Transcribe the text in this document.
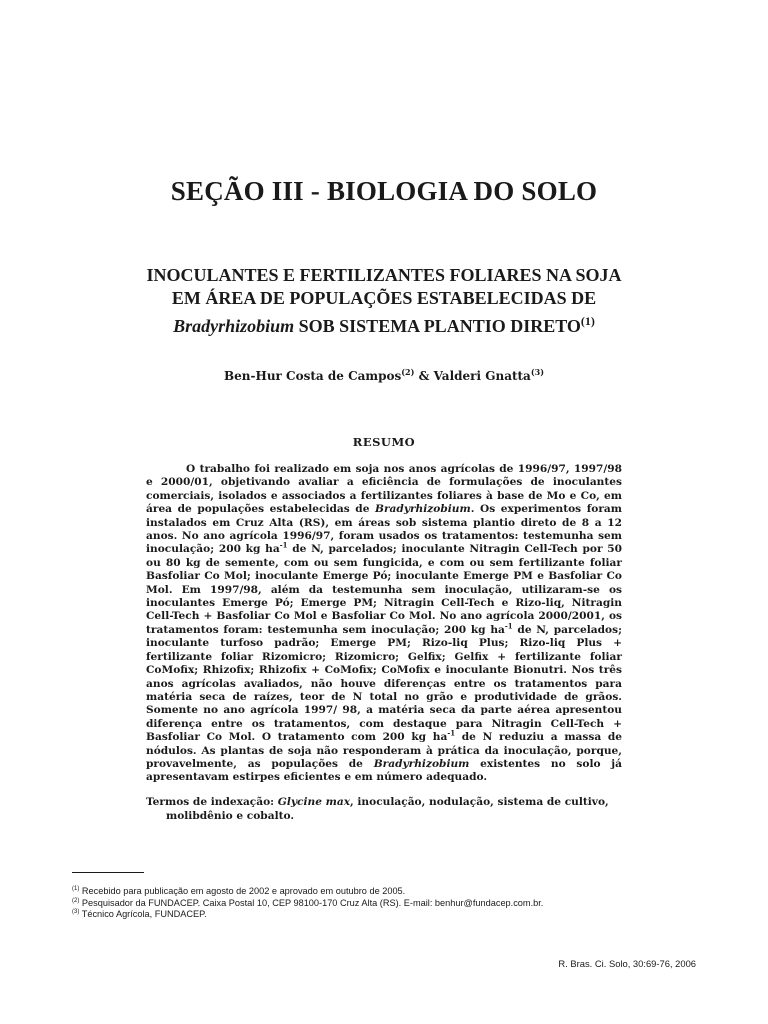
SEÇÃO III - BIOLOGIA DO SOLO
INOCULANTES E FERTILIZANTES FOLIARES NA SOJA
EM ÁREA DE POPULAÇÕES ESTABELECIDAS DE
Bradyrhizobium SOB SISTEMA PLANTIO DIRETO$^{(1)}$

Ben-Hur Costa de Campos$^{(2)}$ & Valderi Gnatta$^{(3)}$

RESUMO

O trabalho foi realizado em soja nos anos agrícolas de 1996/97, 1997/98 e 2000/01, objetivando avaliar a eficiência de formulações de inoculantes comerciais, isolados e associados a fertilizantes foliares à base de Mo e Co, em área de populações estabelecidas de Bradyrhizobium. Os experimentos foram instalados em Cruz Alta (RS), em áreas sob sistema plantio direto de 8 a 12 anos. No ano agrícola 1996/97, foram usados os tratamentos: testemunha sem inoculação; 200 kg $ha^{-1}$ de N, parcelados; inoculante Nitragin Cell-Tech por 50 ou 80 kg de semente, com ou sem fungicida, e com ou sem fertilizante foliar Basfoliar Co Mol; inoculante Emerge Pó; inoculante Emerge PM e Basfoliar Co Mol. Em 1997/98, além da testemunha sem inoculação, utilizaram-se os inoculantes Emerge Pó; Emerge PM; Nitragin Cell-Tech e Rizo-liq, Nitragin Cell-Tech + Basfoliar Co Mol e Basfoliar Co Mol. No ano agrícola 2000/2001, os tratamentos foram: testemunha sem inoculação; 200 kg $ha^{-1}$ de N, parcelados; inoculante turfoso padrão; Emerge PM; Rizo-liq Plus; Rizo-liq Plus + fertilizante foliar Rizomicro; Rizomicro; Gelfix; Gelfix + fertilizante foliar CoMofix; Rhizofix; Rhizofix + CoMofix; CoMofix e inoculante Bionutri. Nos três anos agrícolas avaliados, não houve diferenças entre os tratamentos para matéria seca de raízes, teor de N total no grão e produtividade de grãos. Somente no ano agrícola 1997/ 98, a matéria seca da parte aérea apresentou diferença entre os tratamentos, com destaque para Nitragin Cell-Tech + Basfoliar Co Mol. O tratamento com 200 kg $ha^{-1}$ de N reduziu a massa de nódulos. As plantas de soja não responderam à prática da inoculação, porque, provavelmente, as populações de Bradyrhizobium existentes no solo já apresentavam estirpes eficientes e em número adequado.

Termos de indexação: Glycine max, inoculação, nodulação, sistema de cultivo, molibdênio e cobalto.

$^{(1)}$ Recebido para publicação em agosto de 2002 e aprovado em outubro de 2005.
$^{(2)}$ Pesquisador da FUNDACEP. Caixa Postal 10, CEP 98100-170 Cruz Alta (RS). E-mail: benhur@fundacep.com.br.
$^{(3)}$ Técnico Agrícola, FUNDACEP.

R. Bras. Ci. Solo, 30:69-76, 2006
